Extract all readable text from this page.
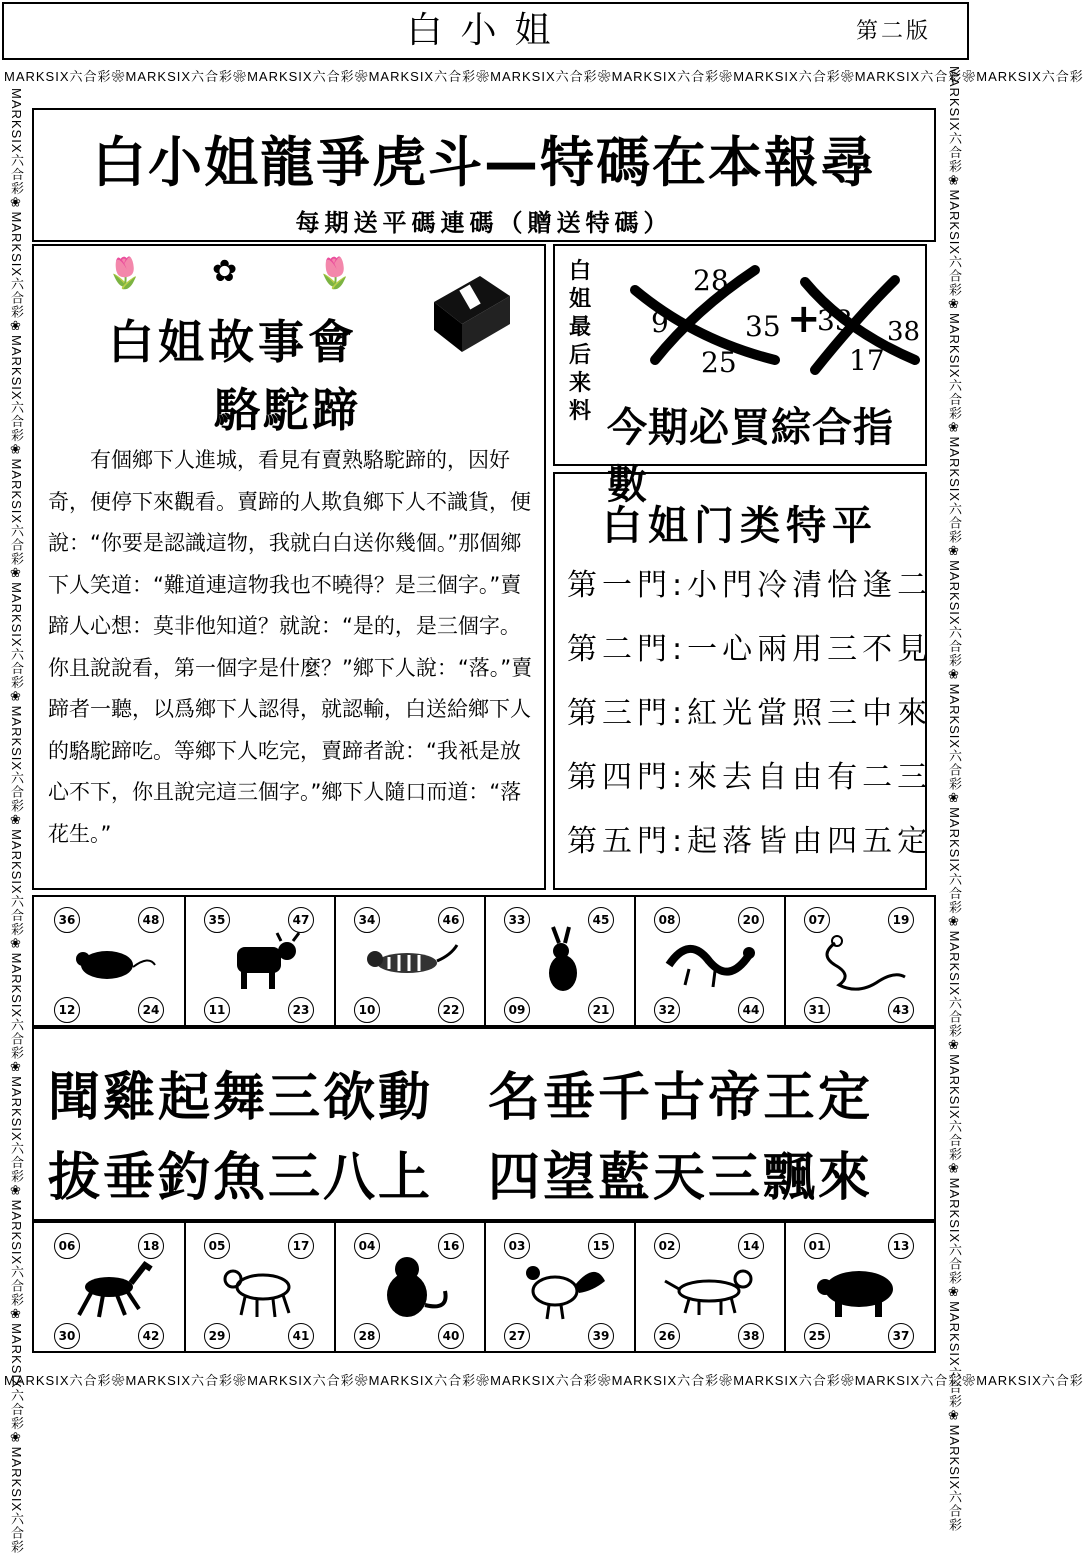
白小姐	第二版
MARKSIX六合彩❀MARKSIX六合彩❀MARKSIX六合彩❀MARKSIX六合彩❀MARKSIX六合彩❀MARKSIX六合彩❀MARKSIX六合彩❀MARKSIX六合彩❀MARKSIX六合彩
MARKSIX六合彩❀MARKSIX六合彩❀MARKSIX六合彩❀MARKSIX六合彩❀MARKSIX六合彩❀MARKSIX六合彩❀MARKSIX六合彩❀MARKSIX六合彩❀MARKSIX六合彩
MARKSIX六合彩❀MARKSIX六合彩❀MARKSIX六合彩❀MARKSIX六合彩❀MARKSIX六合彩❀MARKSIX六合彩❀MARKSIX六合彩❀MARKSIX六合彩❀MARKSIX六合彩❀MARKSIX六合彩❀MARKSIX六合彩❀MARKSIX六合彩
MARKSIX六合彩❀MARKSIX六合彩❀MARKSIX六合彩❀MARKSIX六合彩❀MARKSIX六合彩❀MARKSIX六合彩❀MARKSIX六合彩❀MARKSIX六合彩❀MARKSIX六合彩❀MARKSIX六合彩❀MARKSIX六合彩❀MARKSIX六合彩
白小姐龍爭虎斗—特碼在本報尋
每期送平碼連碼（贈送特碼）
🌷 ✿	🌷
白姐故事會
駱駝蹄
有個鄉下人進城，看見有賣熟駱駝蹄的，因好奇，便停下來觀看。賣蹄的人欺負鄉下人不識貨，便說：“你要是認識這物，我就白白送你幾個。”那個鄉下人笑道：“難道連這物我也不曉得？是三個字。”賣蹄人心想：莫非他知道？就說：“是的，是三個字。你且說說看，第一個字是什麼？”鄉下人說：“落。”賣蹄者一聽，以爲鄉下人認得，就認輸，白送給鄉下人的駱駝蹄吃。等鄉下人吃完，賣蹄者說：“我衹是放心不下，你且說完這三個字。”鄉下人隨口而道：“落花生。”
白姐最后来料
28
9
25
35 +
33
17
38
今期必買綜合指數
白姐门类特平
第一門:小門冷清恰逢二
第二門:一心兩用三不見
第三門:紅光當照三中來
第四門:來去自由有二三
第五門:起落皆由四五定
36	48
12	24
35	47
11	23
34	46
10	22
33	45
09	21
08	20
32	44
07	19
31	43
聞雞起舞三欲動　名垂千古帝王定
拔垂釣魚三八上　四望藍天三飄來
06	18
30	42
05	17
29	41
04	16
28	40
03	15
27	39
02	14
26	38
01	13
25	37
